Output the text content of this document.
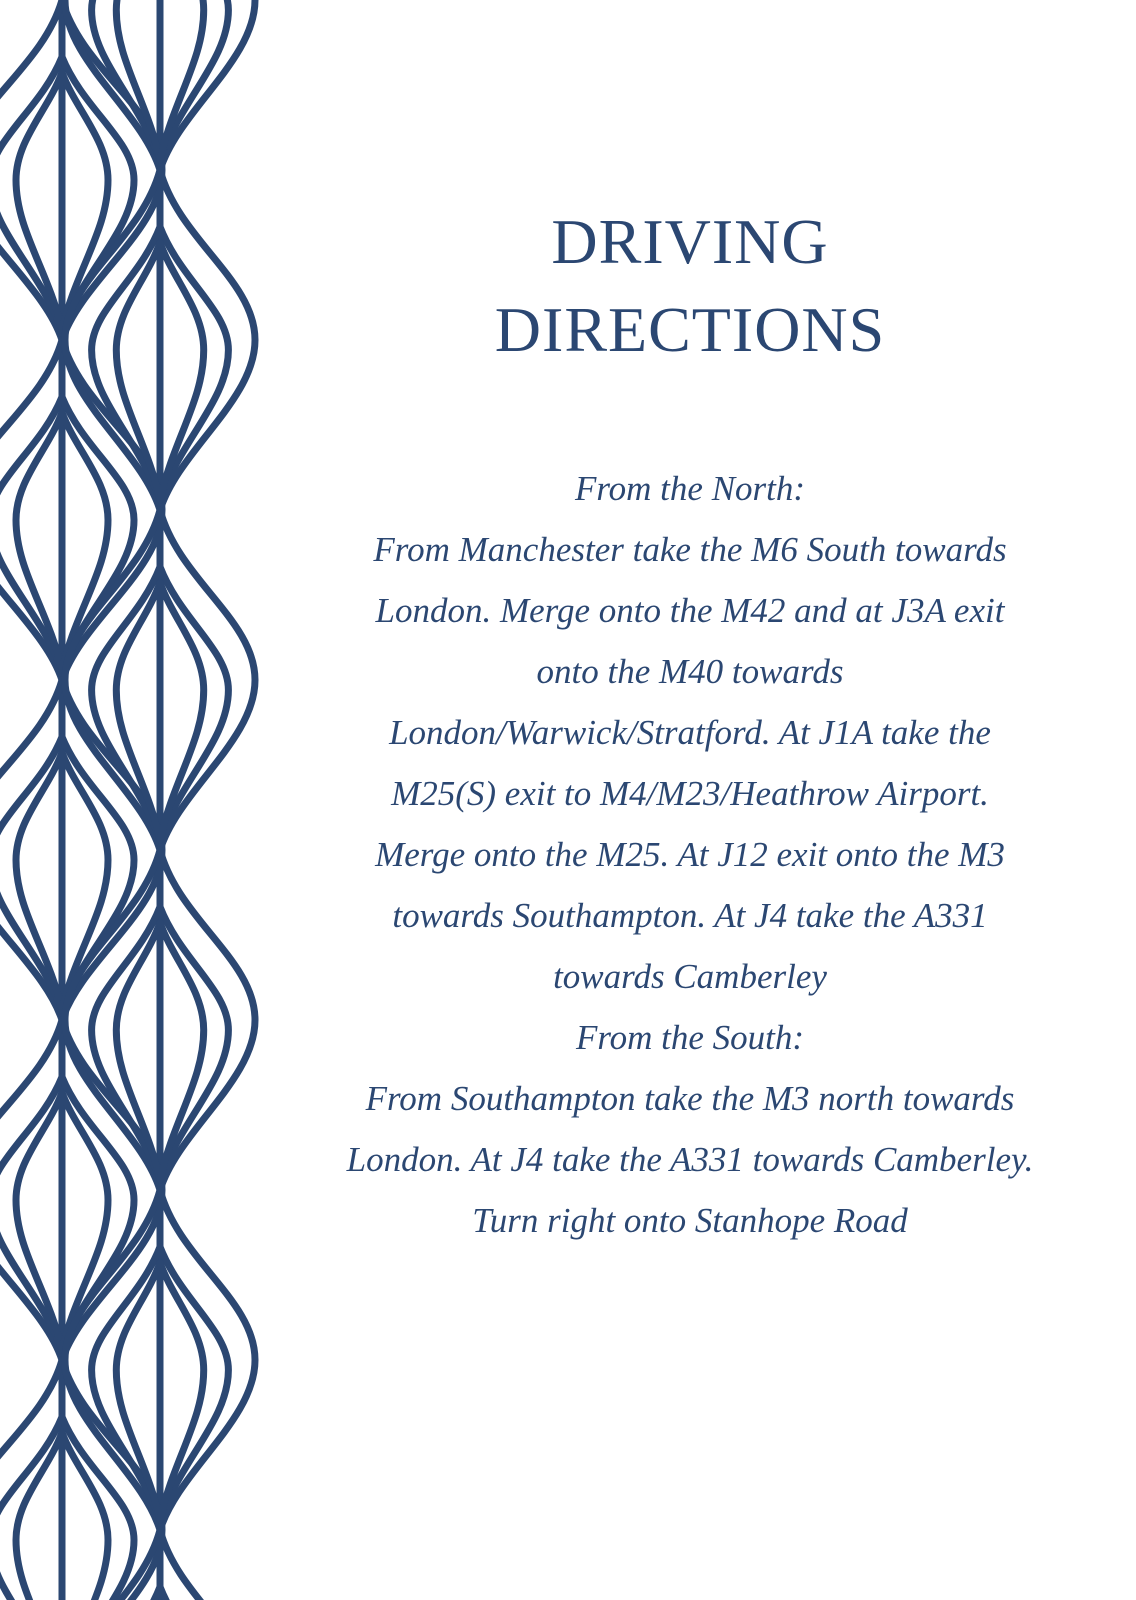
DRIVING
DIRECTIONS
From the North:
From Manchester take the M6 South towards
London. Merge onto the M42 and at J3A exit
onto the M40 towards
London/Warwick/Stratford. At J1A take the
M25(S) exit to M4/M23/Heathrow Airport.
Merge onto the M25. At J12 exit onto the M3
towards Southampton. At J4 take the A331
towards Camberley
From the South:
From Southampton take the M3 north towards
London. At J4 take the A331 towards Camberley.
Turn right onto Stanhope Road
